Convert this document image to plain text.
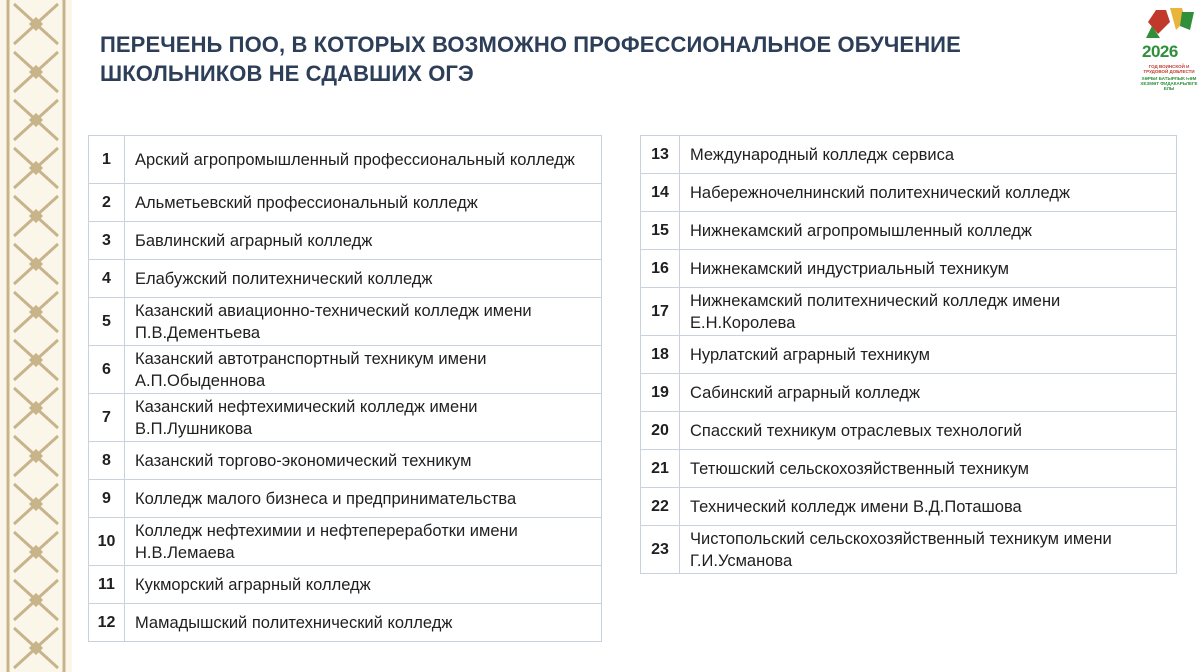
ПЕРЕЧЕНЬ ПОО, В КОТОРЫХ ВОЗМОЖНО ПРОФЕССИОНАЛЬНОЕ ОБУЧЕНИЕ
ШКОЛЬНИКОВ НЕ СДАВШИХ ОГЭ
2026
ГОД ВОИНСКОЙ И ТРУДОВОЙ ДОБЛЕСТИ
ХӘРБИ БАТЫРЛЫК ҺӘМ ХЕЗМӘТ ФИДАКАРЬЛЕГЕ ЕЛЫ
1	Арский агропромышленный профессиональный колледж
2	Альметьевский профессиональный колледж
3	Бавлинский аграрный колледж
4	Елабужский политехнический колледж
5	Казанский авиационно-технический колледж имени П.В.Дементьева
6	Казанский автотранспортный техникум имени А.П.Обыденнова
7	Казанский нефтехимический колледж имени В.П.Лушникова
8	Казанский торгово-экономический техникум
9	Колледж малого бизнеса и предпринимательства
10	Колледж нефтехимии и нефтепереработки имени Н.В.Лемаева
11	Кукморский аграрный колледж
12	Мамадышский политехнический колледж
13	Международный колледж сервиса
14	Набережночелнинский политехнический колледж
15	Нижнекамский агропромышленный колледж
16	Нижнекамский индустриальный техникум
17	Нижнекамский политехнический колледж имени Е.Н.Королева
18	Нурлатский аграрный техникум
19	Сабинский аграрный колледж
20	Спасский техникум отраслевых технологий
21	Тетюшский сельскохозяйственный техникум
22	Технический колледж имени В.Д.Поташова
23	Чистопольский сельскохозяйственный техникум имени Г.И.Усманова
